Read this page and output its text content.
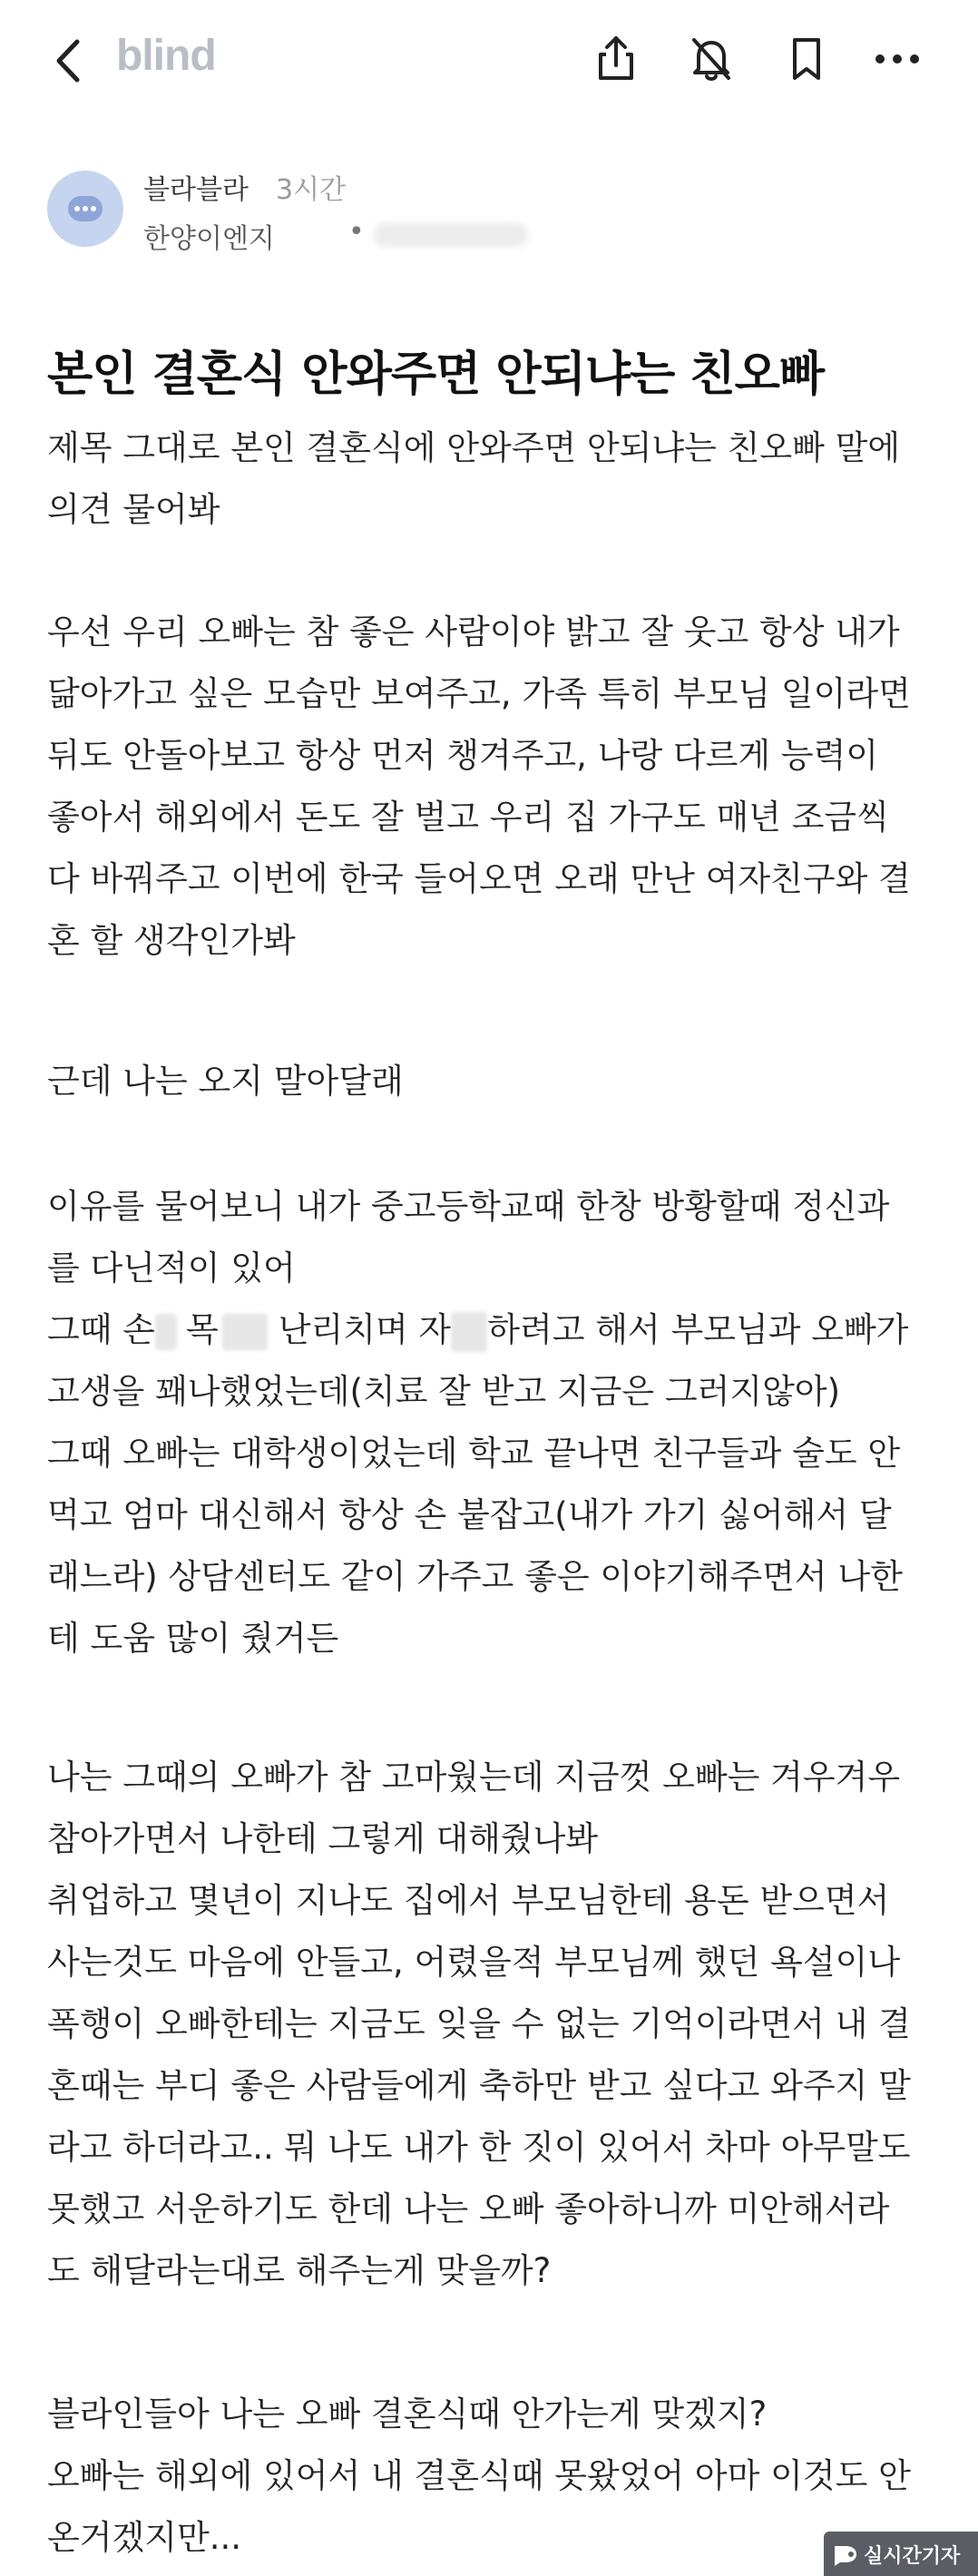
blind
블라블라 3시간
한양이엔지	•
본인 결혼식 안와주면 안되냐는 친오빠
제목 그대로 본인 결혼식에 안와주면 안되냐는 친오빠 말에
의견 물어봐
우선 우리 오빠는 참 좋은 사람이야 밝고 잘 웃고 항상 내가
닮아가고 싶은 모습만 보여주고, 가족 특히 부모님 일이라면
뒤도 안돌아보고 항상 먼저 챙겨주고, 나랑 다르게 능력이
좋아서 해외에서 돈도 잘 벌고 우리 집 가구도 매년 조금씩
다 바꿔주고 이번에 한국 들어오면 오래 만난 여자친구와 결
혼 할 생각인가봐
근데 나는 오지 말아달래
이유를 물어보니 내가 중고등학교때 한창 방황할때 정신과
를 다닌적이 있어
그때 손 목 난리치며 자 하려고 해서 부모님과 오빠가
고생을 꽤나했었는데(치료 잘 받고 지금은 그러지않아)
그때 오빠는 대학생이었는데 학교 끝나면 친구들과 술도 안
먹고 엄마 대신해서 항상 손 붙잡고(내가 가기 싫어해서 달
래느라) 상담센터도 같이 가주고 좋은 이야기해주면서 나한
테 도움 많이 줬거든
나는 그때의 오빠가 참 고마웠는데 지금껏 오빠는 겨우겨우
참아가면서 나한테 그렇게 대해줬나봐
취업하고 몇년이 지나도 집에서 부모님한테 용돈 받으면서
사는것도 마음에 안들고, 어렸을적 부모님께 했던 욕설이나
폭행이 오빠한테는 지금도 잊을 수 없는 기억이라면서 내 결
혼때는 부디 좋은 사람들에게 축하만 받고 싶다고 와주지 말
라고 하더라고.. 뭐 나도 내가 한 짓이 있어서 차마 아무말도
못했고 서운하기도 한데 나는 오빠 좋아하니까 미안해서라
도 해달라는대로 해주는게 맞을까?
블라인들아 나는 오빠 결혼식때 안가는게 맞겠지?
오빠는 해외에 있어서 내 결혼식때 못왔었어 아마 이것도 안
온거겠지만...	실시간기자
